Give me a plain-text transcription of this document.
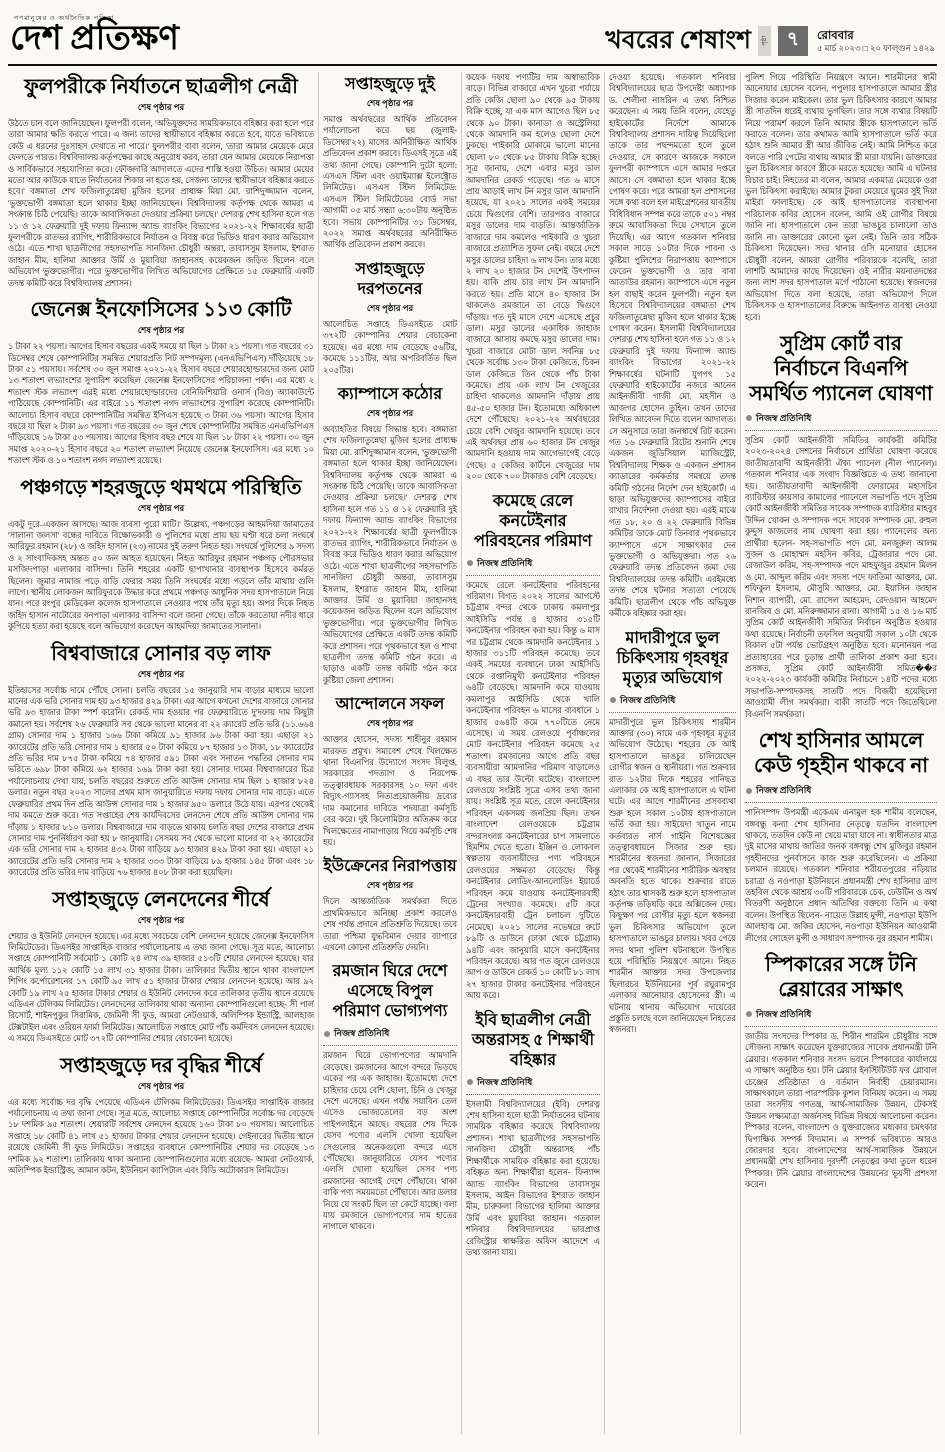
গণমানুষের ও অর্থনৈতিক পত্রিকা
দেশ প্রতিক্ষণ	খবরের শেষাংশ	পৃষ্ঠা ৭	রোববার
৫ মার্চ ২০২৩ □ ২০ ফাল্গুন ১৪২৯
ফুলপরীকে নির্যাতনে ছাত্রলীগ নেত্রী
শেষ পৃষ্ঠার পর
উঠতে চান বলে জানিয়েছেন। ফুলপরী বলেন, 'অভিযুক্তদের সাময়িকভাবে বহিষ্কার করা হলে পরে তারা আমার ক্ষতি করতে পারে। এ জন্য তাদের স্থায়ীভাবে বহিষ্কার করতে হবে, যাতে ভবিষ্যতে কেউ এ ধরনের দুঃসাহস দেখাতে না পারে।' ফুলপরীর বাবা বলেন, 'তারা আমার মেয়েকে মেরে ফেলতে পারত। বিশ্ববিদ্যালয় কর্তৃপক্ষের কাছে অনুরোধ করব, তারা যেন আমার মেয়েকে নিরাপত্তা ও সার্বিকভাবে সহযোগিতা করে। ফৌজদারি আদালতে এদের শাস্তি হওয়া উচিত। আমার মেয়ের মতো আর কাউকে যাতে নির্যাতনের শিকার না হতে হয়, সেজন্য তাদের স্থায়ীভাবে বহিষ্কার করতে হবে।' বঙ্গমাতা শেখ ফজিলাতুন্নেছা মুজিব হলের প্রাধ্যক্ষ মিয়া মো. রাশিদুজ্জামান বলেন, 'ভুক্তভোগী বঙ্গমাতা হলে থাকার ইচ্ছা জানিয়েছেন। বিশ্ববিদ্যালয় কর্তৃপক্ষ থেকে আমরা এ সংক্রান্ত চিঠি পেয়েছি। তাকে আবাসিকতা দেওয়ার প্রক্রিয়া চলছে।' দেশরত্ন শেখ হাসিনা হলে গত ১১ ও ১২ ফেব্রুয়ারি দুই দফায় ফিন্যান্স অ্যান্ড ব্যাংকিং বিভাগের ২০২১-২২ শিক্ষাবর্ষের ছাত্রী ফুলপরীকে রাতভর র‍্যাগিং, শারীরিকভাবে নির্যাতন ও বিবস্ত্র করে ভিডিও ধারণ করার অভিযোগ ওঠে। এতে শাখা ছাত্রলীগের সহসভাপতি সানজিদা চৌধুরী অন্তরা, তাবাসসুম ইসলাম, ইশরাত জাহান মীম, হালিমা আক্তার উর্মি ও মুয়াবিয়া জাহানসহ কয়েকজন জড়িত ছিলেন বলে অভিযোগ ভুক্তভোগীর। পরে ভুক্তভোগীর লিখিত অভিযোগের প্রেক্ষিতে ১৫ ফেব্রুয়ারি একটি তদন্ত কমিটি করে বিশ্ববিদ্যালয় প্রশাসন।
জেনেক্স ইনফোসিসের ১১৩ কোটি
শেষ পৃষ্ঠার পর
১ টাকা ২২ পয়সা। আগের হিসাব বছরের একই সময়ে যা ছিল ১ টাকা ২১ পয়সা। গত বছরের ৩১ ডিসেম্বর শেষে কোম্পানিটির সমন্বিত শেয়ারপ্রতি নিট সম্পদমূল্য (এনএভিপিএস) দাঁড়িয়েছে ১৮ টাকা ৫১ পয়সায়। সর্বশেষ ৩০ জুন সমাপ্ত ২০২১-২২ হিসাব বছরে শেয়ারহোল্ডারদের জন্য মোট ১৩ শতাংশ লভ্যাংশের সুপারিশ করেছিল জেনেক্স ইনফোসিসের পরিচালনা পর্ষদ। এর মধ্যে ২ শতাংশ স্টক লভ্যাংশ এরই মধ্যে শেয়ারহোল্ডারদের বেনিফিশিয়ারি ওনার্স (বিও) অ্যাকাউন্টে পাঠিয়েছে কোম্পানিটি। এর বাইরে ১১ শতাংশ নগদ লভ্যাংশের সুপারিশ করেছে কোম্পানিটি। আলোচ্য হিসাব বছরে কোম্পানিটির সমন্বিত ইপিএস হয়েছে ৩ টাকা ৩৬ পয়সা। আগের হিসাব বছরে যা ছিল ২ টাকা ৯৩ পয়সা। গত বছরের ৩০ জুন শেষে কোম্পানিটির সমন্বিত এনএভিপিএস দাঁড়িয়েছে ১৬ টাকা ৫৩ পয়সায়। আগের হিসাব বছর শেষে যা ছিল ১৮ টাকা ২২ পয়সা। ৩০ জুন সমাপ্ত ২০২০-২১ হিসাব বছরে ২০ শতাংশ লভ্যাংশ নিয়েছে জেনেক্স ইনফোসিস। এর মধ্যে ১০ শতাংশ স্টক ও ১০ শতাংশ নগদ লভ্যাংশ রয়েছে।
পঞ্চগড়ে শহরজুড়ে থমথমে পরিস্থিতি
শেষ পৃষ্ঠার পর
একটু দূরে–একজন আসছে। আজ ব্যবসা পুরো মাটি।' উল্লেখ্য, পঞ্চগড়ের আহমদিয়া জামাতের 'সালানা জলসা' বন্ধের দাবিতে বিক্ষোভকারী ও পুলিশের মধ্যে প্রায় ছয় ঘণ্টা ধরে চলা সংঘর্ষে আরিফুর রহমান (২৮) ও জহিদ হাসান (২৩) নামের দুই তরুণ নিহত হয়। সংঘর্ষে পুলিশের ৯ সদস্য ও ২ সাংবাদিকসহ অন্তত ৫০ জন আহত হয়েছেন। নিহত আরিফুর রহমান পঞ্চগড় পৌরসভার মসজিদপাড়া এলাকার বাসিন্দা। তিনি শহরের একটি ছাপাখানার ব্যবস্থাপক হিসেবে কর্মরত ছিলেন। জুমার নামাজ পড়ে বাড়ি ফেরার সময় তিনি সংঘর্ষের মধ্যে পড়লে তাঁর মাথায় গুলি লাগে। স্থানীয় লোকজন আরিফুরকে উদ্ধার করে প্রথমে পঞ্চগড় আধুনিক সদর হাসপাতালে নিয়ে যান। পরে রংপুর মেডিকেল কলেজ হাসপাতালে নেওয়ার পথে তাঁর মৃত্যু হয়। অপর দিকে নিহত জহিদ হাসান নাটোরের বনপাড়া এলাকার বাসিন্দা বলে জানা গেছে। তাঁকে করতোয়া নদীর ধারে কুপিয়ে হত্যা করা হয়েছে বলে অভিযোগ করেছেন আহমদিয়া জামাতের সালানা।
বিশ্ববাজারে সোনার বড় লাফ
শেষ পৃষ্ঠার পর
ইতিহাসের সর্বোচ্চ দামে পৌঁছে সোনা। চলতি বছরের ১৫ জানুয়ারি দাম বাড়ার মাধ্যমে ভালো মানের এক ভরি সোনার দাম হয় ৯৩ হাজার ৪২৯ টাকা। এর আগে কখনো দেশের বাজারে সোনার ভরি ৯৩ হাজার টাকা স্পর্শ করেনি। রেকর্ড দাম হওয়ার পর ফেব্রুয়ারিতে দু'দফায় দাম কিছুটা কমানো হয়। সর্বশেষ ২৬ ফেব্রুয়ারি সব থেকে ভালো মানের বা ২২ ক্যারেট প্রতি ভরি (১১.৬৬৪ গ্রাম) সোনার দাম ১ হাজার ১৬৬ টাকা কমিয়ে ৯১ হাজার ৯৬ টাকা করা হয়। এছাড়া ২১ ক্যারেটের প্রতি ভরি সোনার দাম ১ হাজার ৫০ টাকা কমিয়ে ৮৭ হাজার ১৩ টাকা, ১৮ ক্যারেটের প্রতি ভরির দাম ৮৭৫ টাকা কমিয়ে ৭৪ হাজার ৫৯১ টাকা এবং সনাতন পদ্ধতির সোনার দাম ভরিতে ৬৯৮ টাকা কমিয়ে ৬২ হাজার ১৬৯ টাকা করা হয়। সোনার দামের বিশ্ববাজারের চিত্র পর্যালোচনায় দেখা যায়, চলতি বছরের শুরুতে প্রতি আউন্স সোনার দাম ছিল ১ হাজার ৮২৪ ডলার। নতুন বছর ২০২৩ সালের প্রথম মাস জানুয়ারিতে দফায় দফায় সোনার দাম বাড়ে। এতে ফেব্রুয়ারির প্রথম দিন প্রতি আউন্স সোনার দাম ১ হাজার ৯৫০ ডলারে উঠে যায়। এরপর থেকেই দাম কমতে শুরু করে। গত সপ্তাহের শেষ কার্যদিবসের লেনদেন শেষে প্রতি আউন্স সোনার দাম দাঁড়ায় ১ হাজার ৮১০ ডলার। বিশ্ববাজারে দাম বাড়তে থাকায় চলতি বছর দেশের বাজারে প্রথম সোনার দাম পুনর্নির্ধারণ করা হয় ৮ জানুয়ারি। সেসময় সব থেকে ভালো মানের বা ২২ ক্যারেটের এক ভরি সোনার দাম ২ হাজার ৪৩২ টাকা বাড়িয়ে ৯৩ হাজার ৪২৯ টাকা করা হয়। এছাড়া ২১ ক্যারেটের প্রতি ভরি সোনার দাম ২ হাজার ৩৩৩ টাকা বাড়িয়ে ৮৯ হাজার ১৪৫ টাকা এবং ১৮ ক্যারেটের প্রতি ভরির দাম বাড়িয়ে ৭৬ হাজার ৪০৮ টাকা করা হয়েছিল।
সপ্তাহজুড়ে লেনদেনের শীর্ষে
শেষ পৃষ্ঠার পর
শেয়ার ও ইউনিট লেনদেন হয়েছে। এর মধ্যে সবচেয়ে বেশি লেনদেন হয়েছে জেনেক্স ইনফোসিস লিমিটেডের। ডিএসইর সাপ্তাহিক বাজার পর্যালোচনায় এ তথ্য জানা গেছে। সূত্র মতে, আলোচ্য সপ্তাহে কোম্পানিটি সর্বমোট ১ কোটি ২৪ লাখ ৩৯ হাজার ৫১৩টি শেয়ার লেনদেন হয়েছে। যার আর্থিক মূল্য ১১২ কোটি ১৫ লাখ ৩১ হাজার টাকা। তালিকার দ্বিতীয় স্থানে থাকা বাংলাদেশ শিপিং কর্পোরেশনের ১৭ কোটি ৯৫ লাখ ৫১ হাজার টাকার শেয়ার লেনদেন হয়েছে। আর ৯২ কোটি ১৯ লাখ ২৫ হাজার টাকার শেয়ার ও ইউনিট লেনদেন করে তালিকার তৃতীয় স্থানে রয়েছে এডিএন টেলিকম লিমিটেড। লেনদেনের তালিকায় থাকা অন্যান্য কোম্পানিগুলো হচ্ছে- সী পার্ল রিসোর্ট, শাইনপুকুর সিরামিক, জেমিনী সী ফুড, আমরা নেটওয়ার্ক, অলিম্পিক ইন্ডাস্ট্রি, আলহাজ টেক্সটাইল এবং ওরিয়ন ফার্মা লিমিটেড। আলোচিত সপ্তাহে মোট পাঁচ কর্মদিবস লেনদেন হয়েছে। এ সময়ে ডিএসইতে মোট ৩৭২টি কোম্পানির শেয়ার বেচাকেনা হয়েছে।
সপ্তাহজুড়ে দর বৃদ্ধির শীর্ষে
শেষ পৃষ্ঠার পর
এর মধ্যে সর্বোচ্চ দর বৃদ্ধি পেয়েছে এডিএন টেলিকম লিমিটেডের। ডিএসইর সাপ্তাহিক বাজার পর্যালোচনায় এ তথ্য জানা গেছে। সূত্র মতে, আলোচ্য সপ্তাহে কোম্পানিটির সর্বোচ্চ দর বেড়েছে ১৮ দশমিক ৯৫ শতাংশ। শেয়ারটি সর্বশেষ লেনদেন হয়েছে ১৬০ টাকা ৮০ পয়সায়। আলোচিত সপ্তাহে ১৮ কোটি ৪১ লাখ ৫১ হাজার টাকার শেয়ার লেনদেন হয়েছে। গেইনারের দ্বিতীয় স্থানে রয়েছে জেমিনী সী ফুড লিমিটেড। সপ্তাহের ব্যবধানে কোম্পানিটির শেয়ার দর বেড়েছে ১৩ দশমিক ৯২ শতাংশ। তালিকায় থাকা অন্যান্য কোম্পানিগুলোর মধ্যে রয়েছে- আমরা নেটওয়ার্ক, অলিম্পিক ইন্ডাস্ট্রিজ, আমান কটন, ইউনিয়ন ক্যাপিটাল এবং বিডি অটোকারস লিমিটেড।
সপ্তাহজুড়ে দুই
শেষ পৃষ্ঠার পর
সমাপ্ত অর্থবছরের আর্থিক প্রতিবেদন পর্যালোচনা করে ছয় (জুলাই-ডিসেম্বর'২২) মাসের অনিরীক্ষিত আর্থিক প্রতিবেদন প্রকাশ করবে। ডিএসই সূত্রে এই তথ্য জানা গেছে। কোম্পানি দুটো হলো: এসএস স্টিল এবং ওয়াইম্যাক্স ইলেক্ট্রোড লিমিটেড। এসএস স্টিল লিমিটেড: এসএস স্টিল লিমিটেডের বোর্ড সভা আগামী ০৫ মার্চ সন্ধ্যা ৬:৩০টায় অনুষ্ঠিত হবে। সভায় কোম্পানিটির ৩১ ডিসেম্বর, ২০২২ সমাপ্ত অর্থবছরের অনিরীক্ষিত আর্থিক প্রতিবেদন প্রকাশ করবে।
সপ্তাহজুড়ে দরপতনের
শেষ পৃষ্ঠার পর
আলোচিত সপ্তাহে ডিএসইতে মোট ৩৭২টি কোম্পানির শেয়ার বেচাকেনা হয়েছে। এর মধ্যে দাম বেড়েছে ৫৬টির, কমেছে ১১১টির, আর অপরিবর্তিত ছিল ২০৫টির।
ক্যাম্পাসে কঠোর
শেষ পৃষ্ঠার পর
অব্যাহতির বিষয়ে সিদ্ধান্ত হবে। বঙ্গমাতা শেখ ফজিলাতুন্নেছা মুজিব হলের প্রাধ্যক্ষ মিয়া মো. রাশিদুজ্জামান বলেন, 'ভুক্তভোগী বঙ্গমাতা হলে থাকার ইচ্ছা জানিয়েছেন। বিশ্ববিদ্যালয় কর্তৃপক্ষ থেকে আমরা এ সংক্রান্ত চিঠি পেয়েছি। তাকে আবাসিকতা দেওয়ার প্রক্রিয়া চলছে।' দেশরত্ন শেখ হাসিনা হলে গত ১১ ও ১২ ফেব্রুয়ারি দুই দফায় ফিন্যান্স অ্যান্ড ব্যাংকিং বিভাগের ২০২১-২২ শিক্ষাবর্ষের ছাত্রী ফুলপরীকে রাতভর র‍্যাগিং, শারীরিকভাবে নির্যাতন ও বিবস্ত্র করে ভিডিও ধারণ করার অভিযোগ ওঠে। এতে শাখা ছাত্রলীগের সহসভাপতি সানজিদা চৌধুরী অন্তরা, তাবাসসুম ইসলাম, ইশরাত জাহান মীম, হালিমা আক্তার উর্মি ও মুয়াবিয়া জাহানসহ কয়েকজন জড়িত ছিলেন বলে অভিযোগ ভুক্তভোগীর। পরে ভুক্তভোগীর লিখিত অভিযোগের প্রেক্ষিতে একটি তদন্ত কমিটি করে প্রশাসন। পরে পৃথকভাবে হল ও শাখা ছাত্রলীগ তদন্ত কমিটি গঠন করে। এ ছাড়াও একটি তদন্ত কমিটি গঠন করে কুষ্টিয়া জেলা প্রশাসন।
আন্দোলনে সফল
শেষ পৃষ্ঠার পর
আক্তার হোসেন, সদস্য শাহীনুর রহমান মারফত প্রমুখ। সমাবেশ শেষে খিলক্ষেত থানা বিএনপির উদ্যোগে সংসদ বিলুপ্ত, সরকারের পদত্যাগ ও নিরপেক্ষ তত্ত্বাবধায়ক সরকারসহ ১০ দফা এবং বিদ্যুৎ-গ্যাসসহ নিত্যপ্রয়োজনীয় দ্রব্যের দাম কমানোর দাবিতে পদযাত্রা কর্মসূচি বের করে। দুই কিলোমিটার অতিক্রম করে খিলক্ষেতের নামাপাড়ায় গিয়ে কর্মসূচি শেষ হয়।
ইউক্রেনের নিরাপত্তায়
শেষ পৃষ্ঠার পর
দিলে আন্তর্জাতিক সমর্থকরা দিতে প্রাথমিকভাবে অনিচ্ছা প্রকাশ করলেও শেষ পর্যন্ত প্রদানে প্রতিশ্রুতি দিয়েছে। তবে তারা পশ্চিমা যুদ্ধবিমান দেয়ার ব্যাপারে এখনো কোনো প্রতিশ্রুতি দেয়নি।
রমজান ঘিরে দেশে এসেছে বিপুল পরিমাণ ভোগ্যপণ্য
নিজস্ব প্রতিনিধি
রমজান ঘিরে ভোগ্যপণ্যের আমদানি বেড়েছে। রমজানের আগে বন্দরে ভিড়ছে একের পর এক জাহাজ। ইতোমধ্যে দেশে চাহিদার চেয়ে বেশি ছোলা, চিনি ও খেজুর দেশে এসেছে। এখন পর্যন্ত সয়াবিন তেল এসেও ভোজ্যতেলের বড় অংশ পাইপলাইনে আছে। বছরের শেষ দিকে যেসব পণ্যের এলসি খোলা হয়েছিল সেগুলোর অনেকগুলো বন্দরে এসে পৌঁছেছে। জানুয়ারিতে যেসব পণ্যের এলসি খোলা হয়েছিল সেসব পণ্য রমজানের আগেই দেশে পৌঁছাবে। থাকা বাকি পণ্য সময়মতো পৌঁছাবে। আর ডলার নিয়ে যে সংকট ছিল তা কেটে যাচ্ছে। বলা যায় রমজানে ভোগ্যপণ্যের দাম হাতের নাগালে থাকবে।
কয়েক দফায় পণ্যটির দাম অস্বাভাবিক বাড়ে। বিভিন্ন বাজারে এখন খুচরা পর্যায়ে প্রতি কেজি ছোলা ৯০ থেকে ৯৫ টাকায় বিক্রি হচ্ছে, যা এক মাস আগেও ছিল ৮৫ থেকে ৯০ টাকা। কানাডা ও অস্ট্রেলিয়া থেকে আমদানি কম হলেও ছোলা দেশে ঢুকছে। পাইকারি মোকামে ভালো মানের ছোলা ৮০ থেকে ৮৫ টাকায় বিক্রি হচ্ছে। সূত্র জানায়, দেশে এবার মসুর ডাল আমদানির রেকর্ড গড়েছে। গত ৬ মাসে প্রায় আড়াই লাখ টন মসুর ডাল আমদানি হয়েছে, যা ২০২১ সালের একই সময়ের চেয়ে দ্বিগুণের বেশি। তারপরও বাজারে মসুর ডালের দাম বাড়তি। আন্তর্জাতিক বাজারে দাম কমলেও পাইকারি ও খুচরা বাজারে প্রত্যাশিত সুফল নেই। বছরে দেশে মসুর ডালের চাহিদা ৬ লাখ টন। তার মধ্যে ২ লাখ ২০ হাজার টন দেশেই উৎপাদন হয়। বাকি প্রায় চার লাখ টন আমদানি করতে হয়। প্রতি মাসে ৪০ হাজার টন থাকলেও রমজানে তা বেড়ে দ্বিগুণে দাঁড়ায়। গত দুই মাসে দেশে এসেছে প্রচুর ডাল। মসুর ডালের একাধিক জাহাজ বাজারে আসায় কমছে মসুর ডালের দাম। খুচরা বাজারে মোটা ডাল সর্বনিম্ন ৮৫ থেকে সর্বোচ্চ ১৩০ টাকা কেজিতে, চিকন ডাল কেজিতে তিন থেকে পাঁচ টাকা কমেছে। প্রায় এক লাখ টন খেজুরের চাহিদা থাকলেও আমদানি দাঁড়ায় প্রায় ৪৫-৫০ হাজার টন। ইতোমধ্যে অধিকাংশ দেশে পৌঁছেছে। ২০২১-২২ অর্থবছরের চেয়ে বেশি খেজুর আমদানি হয়েছে। তবে এই অর্থবছর প্রায় ৬০ হাজার টন খেজুর আমদানি হওয়ায় দাম আগেভাগেই বেড়ে গেছে। ৫ কেজির কার্টনে খেজুরের দাম ২০০ থেকে ৭০০ টাকারও বেশি বেড়েছে।
কমেছে রেলে কনটেইনার পরিবহনের পরিমাণ
নিজস্ব প্রতিনিধি
কমেছে রেলে কনটেইনার পরিবহনের পরিমাণ। বিগত ২০২২ সালের আগস্টে চট্টগ্রাম বন্দর থেকে ঢাকায় কমলাপুর আইসিডি পর্যন্ত ৪ হাজার ৩১৫টি কনটেইনার পরিবহন করা হয়। কিন্তু ৬ মাস পর চট্টগ্রাম থেকে আমদানি কনটেইনার ১ হাজার ৩১১টি পরিবহন কমেছে। তবে একই সময়ের ব্যবধানে ঢাকা আইসিডি থেকে রপ্তানিমুখী কনটেইনার পরিবহন ৬৪টি বেড়েছে। আমদানি কমে যাওয়ায় কমলাপুর আইসিডি থেকে খালি কনটেইনার পরিবহন ৬ মাসের ব্যবধানে ১ হাজার ৫৬৪টি কমে ৭৭০টিতে নেমে এসেছে। এ সময় রেলওয়ে পূর্বাঞ্চলের মোট কনটেইনার পরিবহন কমেছে ২৫ শতাংশ। রমজানের আগে প্রতি বছর ব্যবসায়ীরা আমদানির পরিমাণ বাড়ালেও এ বছর তার উল্টো ঘটেছে। বাংলাদেশ রেলওয়ে সংশ্লিষ্ট সূত্রে এসব তথ্য জানা যায়। সংশ্লিষ্ট সূত্র মতে, রেলে কনটেইনার পরিবহন একসময় জনপ্রিয় ছিল। তখন বাংলাদেশ রেলওয়েকে চট্টগ্রাম বন্দরসংলগ্ন কনটেইনারের চাপ সামলাতে হিমশিম খেতে হতো। ইঞ্জিন ও লোকবল স্বল্পতায় ব্যবসায়ীদের পণ্য পরিবহনে রেলওয়ের সক্ষমতা বেড়েছে। কিন্তু কনটেইনার লোডিং-আনলোডিং ইয়ার্ডে পরিবহন কমে যাওয়ায় কনটেইনারবাহী ট্রেনের সংখ্যাও কমেছে। ৫টি করে কনটেইনারবাহী ট্রেন চলাচল দুটিতে নেমেছে। ২০২১ সালের নভেম্বরে রুটে ৮৯টি ও ডাউনে (ঢাকা থেকে চট্টগ্রাম) ৯৪টি এবং জানুয়ারি মাসে কনটেইনার পরিবহন করেছে। আর গত জুনে রেলওয়ে আপ ও ডাউনে রেকর্ড ১০ কোটি ৮১ লাখ ২৭ হাজার টাকার কনটেইনার পরিবহনে আয় করে।
ইবি ছাত্রলীগ নেত্রী অন্তরাসহ ৫ শিক্ষার্থী বহিষ্কার
নিজস্ব প্রতিনিধি
ইসলামী বিশ্ববিদ্যালয়ের (ইবি) দেশরত্ন শেখ হাসিনা হলে ছাত্রী নির্যাতনের ঘটনায় সাময়িক বহিষ্কার করেছে বিশ্ববিদ্যালয় প্রশাসন। শাখা ছাত্রলীগের সহসভাপতি সানজিদা চৌধুরী অন্তরাসহ পাঁচ শিক্ষার্থীকে সাময়িক বহিষ্কার করা হয়েছে। বহিষ্কৃত অন্য শিক্ষার্থীরা হলেন- ফিন্যান্স অ্যান্ড ব্যাংকিং বিভাগের তাবাসসুম ইসলাম, আইন বিভাগের ইশরাত জাহান মীম, চারুকলা বিভাগের হালিমা আক্তার উর্মি এবং মুয়াবিয়া জাহান। গতকাল শনিবার বিশ্ববিদ্যালয়ের ভারপ্রাপ্ত রেজিস্ট্রার স্বাক্ষরিত অফিস আদেশে এ তথ্য জানা যায়।
দেওয়া হয়েছে। গতকাল শনিবার বিশ্ববিদ্যালয়ের ছাত্র উপদেষ্টা অধ্যাপক ড. শেলীনা নাসরিন এ তথ্য নিশ্চিত করেছেন। এ সময় তিনি বলেন, যেহেতু হাইকোর্টের নির্দেশে আমাকে বিশ্ববিদ্যালয় প্রশাসন দায়িত্ব দিয়েছিলো তাকে তার পছন্দমতো হলে তুলে দেওয়ার, সে কারণে আজকে সকালে ফুলপরী ক্যাম্পাসে এসে আমার দপ্তরে আসে। সে বঙ্গমাতা হলে থাকার ইচ্ছে পোষণ করে। পরে আমরা হল প্রশাসনের সঙ্গে কথা বলে হল মাইগ্রেশনের যাবতীয় বিধিবিধান সম্পন্ন করে তাকে ৫০১ নম্বর রুমে আবাসিকতা দিয়ে সেখানে তুলে দিয়েছি। এর আগে গতকাল শনিবার সকাল সাড়ে ১০টার দিকে পাবনা ও কুষ্টিয়া পুলিশের নিরাপত্তায় ক্যাম্পাসে ফেরেন ভুক্তভোগী ও তার বাবা আতাউর রহমান। ক্যাম্পাসে এসে নতুন হল বাছাই করেন ফুলপরী। নতুন হল হিসেবে বিশ্ববিদ্যালয়ের বঙ্গমাতা শেখ ফজিলাতুন্নেছা মুজিব হলে থাকার ইচ্ছে পোষণ করেন। ইসলামী বিশ্ববিদ্যালয়ের দেশরত্ন শেখ হাসিনা হলে গত ১১ ও ১২ ফেব্রুয়ারি দুই দফায় ফিন্যান্স অ্যান্ড ব্যাংকিং বিভাগের ২০২১-২২ শিক্ষাবর্ষের ঘটনাটি যুগপৎ ১৫ ফেব্রুয়ারি হাইকোর্টের নজরে আনেন আইনজীবী গাজী মো. মহসীন ও আজগর হোসেন তুহিন। তখন তাদের লিখিত আবেদন দিতে বলেন আদালত। সে অনুসারে তারা জনস্বার্থে রিট করেন। গত ১৬ ফেব্রুয়ারি রিটের শুনানি শেষে একজন জুডিসিয়াল ম্যাজিস্ট্রেট, বিশ্ববিদ্যালয় শিক্ষক ও একজন প্রশাসন ক্যাডারের কর্মকর্তার সমন্বয়ে তদন্ত কমিটি গঠনের নির্দেশ দেন হাইকোর্ট। এ ছাড়া অভিযুক্তদের ক্যাম্পাসের বাইরে রাখার নির্দেশনা দেওয়া হয়। এরই মাঝে গত ১৮, ২০ ও ২২ ফেব্রুয়ারি বিভিন্ন কমিটির ডাকে মোট তিনবার পৃথকভাবে ক্যাম্পাসে এসে সাক্ষাৎকার দেন ভুক্তভোগী ও অভিযুক্তরা। গত ২৬ ফেব্রুয়ারি তদন্ত প্রতিবেদন জমা দেয় বিশ্ববিদ্যালয়ের তদন্ত কমিটি। এরইমধ্যে তদন্ত শেষে ঘটনার সত্যতা পেয়েছে কমিটি। ছাত্রলীগ থেকে পাঁচ অভিযুক্ত কর্মীকে বহিষ্কার করা হয়।
মাদারীপুরে ভুল চিকিৎসায় গৃহবধূর মৃত্যুর অভিযোগ
নিজস্ব প্রতিনিধি
মাদারীপুরে ভুল চিকিৎসায় শারমীন আক্তার (৩০) নামে এক গৃহবধূর মৃত্যুর অভিযোগ উঠেছে। শহরের কে আই হাসপাতালে ভাঙচুর চালিয়েছেন রোগীর স্বজন ও স্থানীয়রা। গত শুক্রবার রাত ১২টার দিকে শহরের পানিছত্র এলাকার কে আই হাসপাতালে এ ঘটনা ঘটে। এর আগে শারমীনের প্রসবব্যথা শুরু হলে সকাল ১০টায় হাসপাতালে ভর্তি করা হয়। সাইয়েদা খাতুন নামে কর্তব্যরত নার্স গাইনি বিশেষজ্ঞের তত্ত্বাবধায়নে সিজার শুরু হয়। শারমীনের স্বজনরা জানান, সিজারের পর থেকেই শারমীনের শারীরিক অবস্থার অবনতি হতে থাকে। শুক্রবার রাতে হঠাৎ তার শ্বাসকষ্ট শুরু হলে হাসপাতাল কর্তৃপক্ষ তড়িঘড়ি করে অক্সিজেন দেয়। কিছুক্ষণ পর রোগীর মৃত্যু হলে স্বজনরা ভুল চিকিৎসার অভিযোগ তুলে হাসপাতালে ভাঙচুর চালায়। খবর পেয়ে সদর থানা পুলিশ ঘটনাস্থলে উপস্থিত হয়ে পরিস্থিতি নিয়ন্ত্রণে আনে। নিহত শারমীন আক্তার সদর উপজেলার ছিলারচর ইউনিয়নের পূর্ব রঘুরামপুর এলাকার আনোয়ার হোসেনের স্ত্রী। এ ঘটনায় থানায় অভিযোগ দায়েরের প্রস্তুতি চলছে বলে জানিয়েছেন নিহতের স্বজনরা।
পুলিশ গিয়ে পরিস্থিতি নিয়ন্ত্রণে আনে। শারমীনের স্বামী আনোয়ার হোসেন বলেন, পপুলার হাসপাতালে আমার স্ত্রীর সিজার করেন মাইকেল। তার ভুল চিকিৎসার কারণে আমার স্ত্রী সাতদিন ধরেই ব্যথায় ভুগছিল। তার সঙ্গে ব্যথার বিষয়টি নিয়ে পরামর্শ করলে তিনি আমার স্ত্রীকে হাসপাতালে ভর্তি করাতে বলেন। তার কথামত আমি হাসপাতালে ভর্তি করে হঠাৎ শুনি আমার স্ত্রী আর জীবিত নেই। আমি নিশ্চিত করে বলতে পারি পেটের ব্যথায় আমার স্ত্রী মারা যায়নি। ডাক্তারের ভুল চিকিৎসার কারণে স্ত্রীকে মরতে হয়েছে। আমি এ ঘটনার বিচার চাই। নিহতের মা বলেন, আমার একমাত্র মেয়েকে ওরা ভুল চিকিৎসা করাইছে। আমার টুকরা মেয়েরে ঘুমের সুই দিয়া মাইরা ফালাইছে। কে আই হাসপাতালের ব্যবস্থাপনা পরিচালক কবির হোসেন বলেন, আমি ওই রোগীর বিষয়ে জানি না। হাসপাতালে কেন তারা ভাঙচুর চালালো তাও জানি না। ডাক্তারের কোনো ভুল নেই। তিনি তার সঠিক চিকিৎসা দিয়েছেন। সদর থানার ওসি মনোয়ার হোসেন চৌধুরী বলেন, আমরা রোগীর পরিবারকে বলেছি, তারা লাশটি আমাদের কাছে দিয়েছেন। ওই নারীর ময়নাতদন্তের জন্য লাশ সদর হাসপাতাল মর্গে পাঠানো হয়েছে। স্বজনদের অভিযোগ দিতে বলা হয়েছে, তারা অভিযোগ দিলে চিকিৎসক ও হাসপাতালের বিরুদ্ধে আইনগত ব্যবস্থা নেওয়া হবে।
সুপ্রিম কোর্ট বার নির্বাচনে বিএনপি সমর্থিত প্যানেল ঘোষণা
নিজস্ব প্রতিনিধি
সুপ্রিম কোর্ট আইনজীবী সমিতির কার্যকরী কমিটির ২০২৩-২০২৪ সেশনের নির্বাচনে প্রার্থিতা ঘোষণা করেছে জাতীয়তাবাদী আইনজীবী ঐক্য প্যানেল (নীল প্যানেল)। গতকাল শনিবার এক সংবাদ বিজ্ঞপ্তিতে এ তথ্য জানানো হয়। জাতীয়তাবাদী আইনজীবী ফোরামের মহাসচিব ব্যারিস্টার কায়সার কামালের প্যানেলে সভাপতি পদে সুপ্রিম কোর্ট আইনজীবী সমিতির সাবেক সম্পাদক ব্যারিস্টার মাহবুব উদ্দিন খোকন ও সম্পাদক পদে সাবেক সম্পাদক মো. রুহুল কুদ্দুস কাজলের নাম ঘোষণা করা হয়। প্যানেলের অন্য প্রার্থীরা হলেন- সহ-সভাপতি পদে মো. মনজুরুল আলম সুজন ও মোহাম্মদ মহসিন কবির, ট্রেজারার পদে মো. রেজাউল করিম, সহ-সম্পাদক পদে মাহফুজুর রহমান মিলন ও মো. আব্দুল করিম এবং সদস্য পদে ফাতিমা আক্তার, মো. শফিকুল ইসলাম, মৌসুমি আক্তার, মো. ইয়াসিন জাহান নিশান ব্যাপারী, মো. রাসেল আহমেদ, রেদওয়ান আহমেদ রানজিব ও মো. মনিরুজ্জামান রানা। আগামী ১৫ ও ১৬ মার্চ সুপ্রিম কোর্ট আইনজীবী সমিতির নির্বাচন অনুষ্ঠিত হওয়ার কথা রয়েছে। নির্বাচনী তফসিল অনুযায়ী সকাল ১০টা থেকে বিকাল ৫টা পর্যন্ত ভোটগ্রহণ অনুষ্ঠিত হবে। মনোনয়ন পত্র প্রত্যাহারের পরে চূড়ান্ত প্রার্থী তালিকা প্রকাশ করা হবে। প্রসঙ্গত, সুপ্রিম কোর্ট আইনজীবী সমিত��র ২০২২-২০২৩ কার্যকরী কমিটির নির্বাচনে ১৪টি পদের মধ্যে সভাপতি-সম্পাদকসহ সাতটি পদে বিজয়ী হয়েছিলো আওয়ামী লীগ সমর্থকরা। বাকী সাতটি পদে জিতেছিলো বিএনপি সমর্থকরা।
শেখ হাসিনার আমলে কেউ গৃহহীন থাকবে না
নিজস্ব প্রতিনিধি
পানিসম্পদ উপমন্ত্রী একেএম এনামুল হক শামীম বলেছেন, বঙ্গবন্ধু কন্যা শেখ হাসিনার নেতৃত্বে যতদিন বাংলাদেশ থাকবে, ততদিন কেউ না খেয়ে মারা যাবে না। স্বাধীনতার মাত্র দুই মাসের মাথায় জাতির জনক বঙ্গবন্ধু শেখ মুজিবুর রহমান গৃহহীনদের পুনর্বাসনে কাজ শুরু করেছিলেন। এ প্রক্রিয়া চলমান রয়েছে। গতকাল শনিবার শরীয়তপুরের নড়িয়ার চরাত্রা ও নওপাড়া ইউনিয়নে প্রধানমন্ত্রী শেখ হাসিনার ত্রাণ তহবিল থেকে আশ্রয় ৩০টি পরিবারকে চেক, ঢেউটিন ও অর্থ বিতরণী অনুষ্ঠানে প্রধান অতিথির বক্তব্যে তিনি এ কথা বলেন। উপস্থিত ছিলেন- নায়েত উল্লাহ মুন্সী, নওপাড়া ইউপি আলহাজ্ব মো. জকির হোসেন, নওপাড়া ইউনিয়ন আওয়ামী লীগের সোহেল মুন্সী ও সাধারণ সম্পাদক নুর রহমান শামীম।
স্পিকারের সঙ্গে টনি ব্লেয়ারের সাক্ষাৎ
নিজস্ব প্রতিনিধি
জাতীয় সংসদের স্পিকার ড. শিরীন শারমিন চৌধুরীর সঙ্গে সৌজন্য সাক্ষাৎ করেছেন যুক্তরাজ্যের সাবেক প্রধানমন্ত্রী টনি ব্লেয়ার। গতকাল শনিবার সংসদ ভবনে স্পিকারের কার্যালয়ে এ সাক্ষাৎ অনুষ্ঠিত হয়। টনি ব্লেয়ার ইনস্টিটিউট ফর গ্লোবাল চেঞ্জের প্রতিষ্ঠাতা ও বর্তমান নির্বাহী চেয়ারম্যান। সাক্ষাৎকালে তারা পারস্পরিক কুশল বিনিময় করেন। এ সময় তারা সংসদীয় গণতন্ত্র, আর্থ-সামাজিক উন্নয়ন, টেকসই উন্নয়ন লক্ষ্যমাত্রা অর্জনসহ বিভিন্ন বিষয়ে আলোচনা করেন। স্পিকার বলেন, বাংলাদেশ ও যুক্তরাজ্যের মধ্যকার চমৎকার দ্বিপাক্ষিক সম্পর্ক বিদ্যমান। এ সম্পর্ক ভবিষ্যতে আরও জোরদার হবে। বাংলাদেশের আর্থ-সামাজিক উন্নয়নে প্রধানমন্ত্রী শেখ হাসিনার দূরদর্শী নেতৃত্বের কথা তুলে ধরেন স্পিকার। টনি ব্লেয়ার বাংলাদেশের উন্নয়নের ভূয়সী প্রশংসা করেন।
